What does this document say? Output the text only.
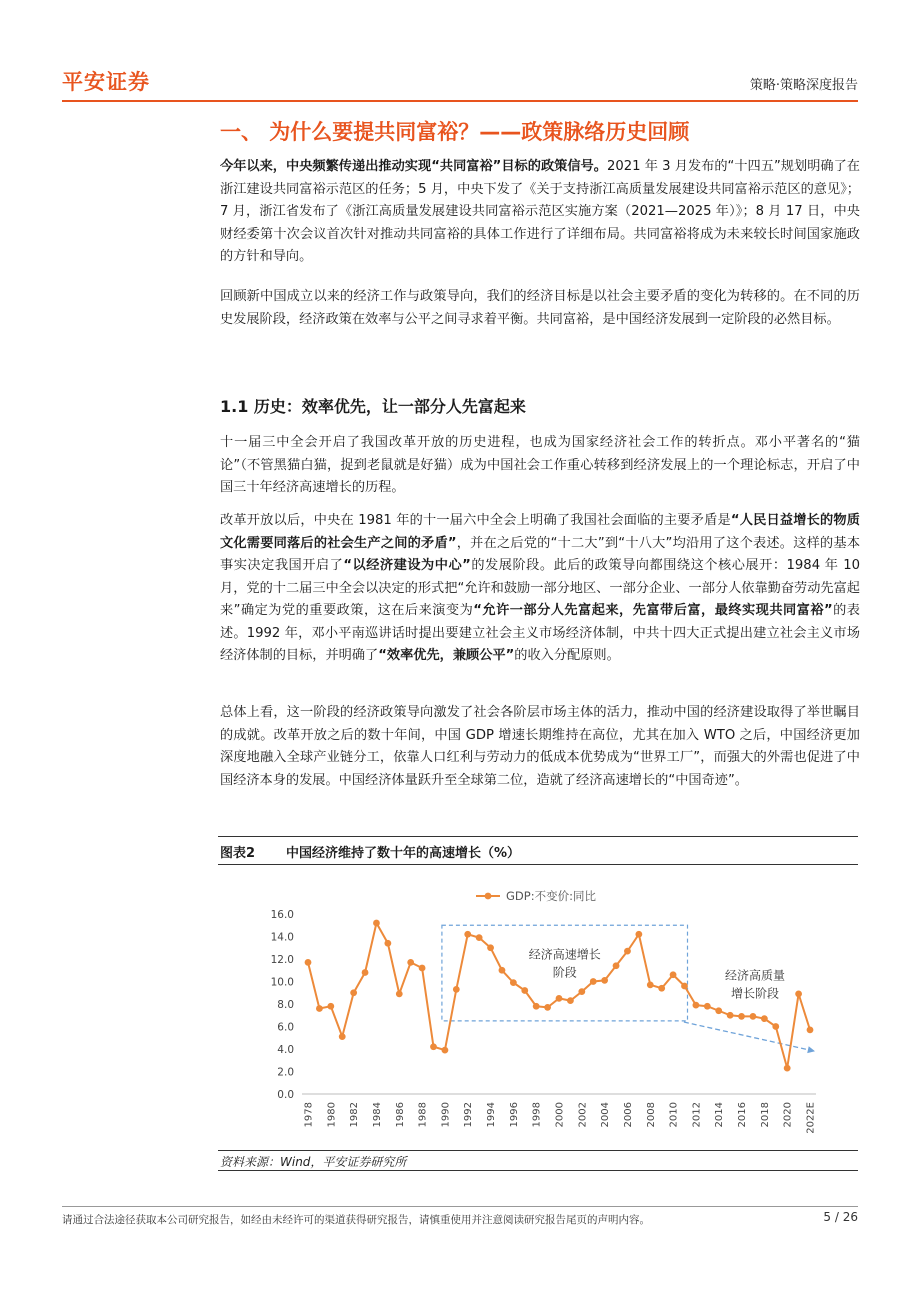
平安证券	策略·策略深度报告
一、 为什么要提共同富裕？——政策脉络历史回顾

今年以来，中央频繁传递出推动实现“共同富裕”目标的政策信号。2021 年 3 月发布的“十四五”规划明确了在浙江建设共同富裕示范区的任务；5 月，中央下发了《关于支持浙江高质量发展建设共同富裕示范区的意见》；7 月，浙江省发布了《浙江高质量发展建设共同富裕示范区实施方案（2021—2025 年）》；8 月 17 日，中央财经委第十次会议首次针对推动共同富裕的具体工作进行了详细布局。共同富裕将成为未来较长时间国家施政的方针和导向。

回顾新中国成立以来的经济工作与政策导向，我们的经济目标是以社会主要矛盾的变化为转移的。在不同的历史发展阶段，经济政策在效率与公平之间寻求着平衡。共同富裕，是中国经济发展到一定阶段的必然目标。

1.1 历史：效率优先，让一部分人先富起来

十一届三中全会开启了我国改革开放的历史进程，也成为国家经济社会工作的转折点。邓小平著名的“猫论”（不管黑猫白猫，捉到老鼠就是好猫）成为中国社会工作重心转移到经济发展上的一个理论标志，开启了中国三十年经济高速增长的历程。

改革开放以后，中央在 1981 年的十一届六中全会上明确了我国社会面临的主要矛盾是“人民日益增长的物质文化需要同落后的社会生产之间的矛盾”，并在之后党的“十二大”到“十八大”均沿用了这个表述。这样的基本事实决定我国开启了“以经济建设为中心”的发展阶段。此后的政策导向都围绕这个核心展开：1984 年 10 月，党的十二届三中全会以决定的形式把“允许和鼓励一部分地区、一部分企业、一部分人依靠勤奋劳动先富起来”确定为党的重要政策，这在后来演变为“允许一部分人先富起来，先富带后富，最终实现共同富裕”的表述。1992 年，邓小平南巡讲话时提出要建立社会主义市场经济体制，中共十四大正式提出建立社会主义市场经济体制的目标，并明确了“效率优先，兼顾公平”的收入分配原则。

总体上看，这一阶段的经济政策导向激发了社会各阶层市场主体的活力，推动中国的经济建设取得了举世瞩目的成就。改革开放之后的数十年间，中国 GDP 增速长期维持在高位，尤其在加入 WTO 之后，中国经济更加深度地融入全球产业链分工，依靠人口红利与劳动力的低成本优势成为“世界工厂”，而强大的外需也促进了中国经济本身的发展。中国经济体量跃升至全球第二位，造就了经济高速增长的“中国奇迹”。

图表2 中国经济维持了数十年的高速增长（%）
0.0
2.0
4.0
6.0
8.0
10.0
12.0
14.0
16.0
1978 1980 1982 1984 1986 1988 1990 1992 1994 1996 1998 2000 2002 2004 2006 2008 2010 2012 2014 2016 2018 2020 2022E
经济高速增长
阶段	经济高质量
增长阶段
GDP:不变价:同比
资料来源：Wind，平安证券研究所
请通过合法途径获取本公司研究报告，如经由未经许可的渠道获得研究报告，请慎重使用并注意阅读研究报告尾页的声明内容。	5 / 26
